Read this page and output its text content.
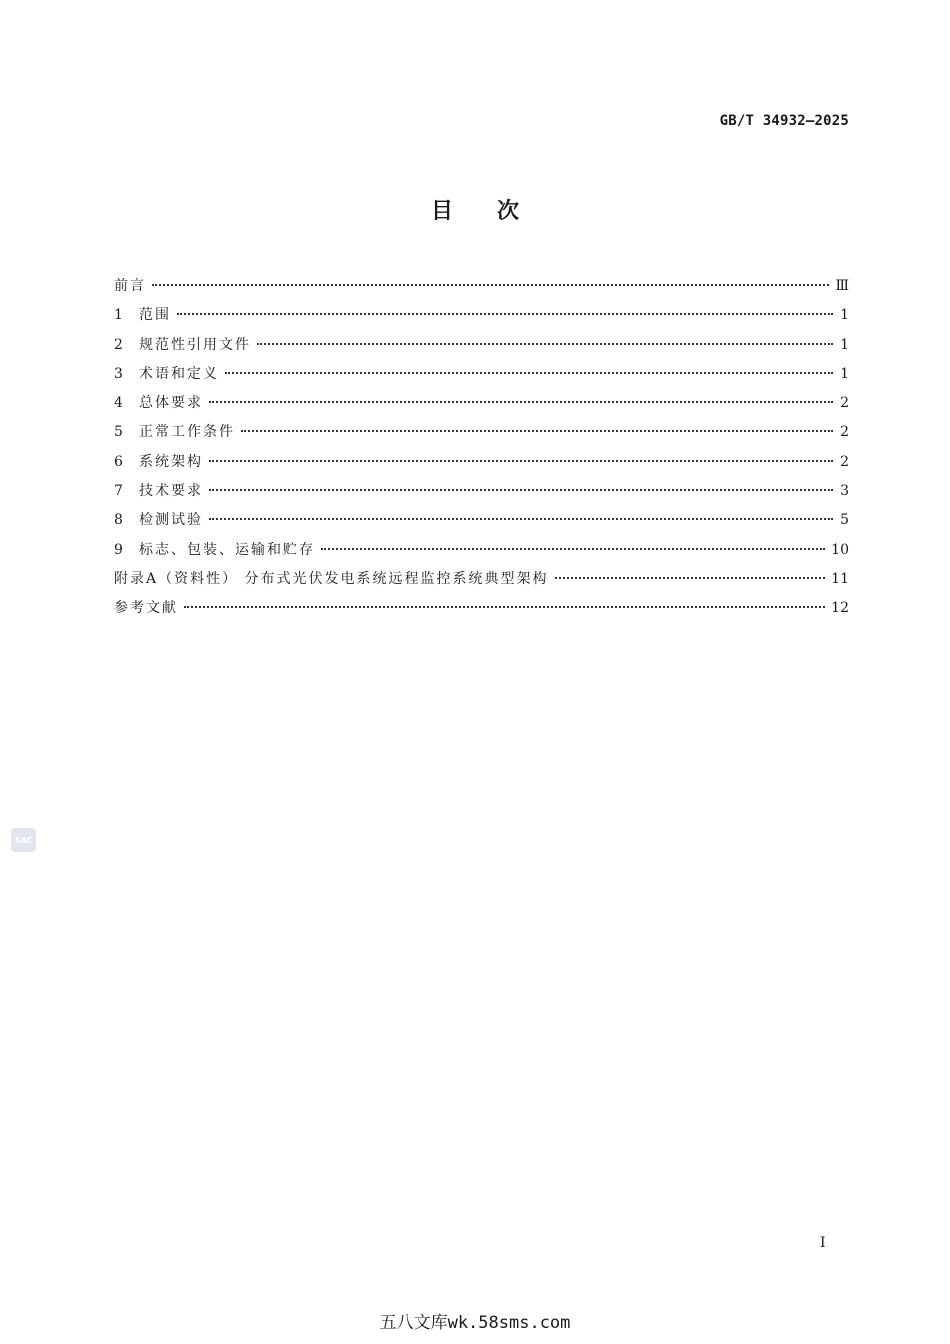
GB/T 34932—2025
目次
前言	Ⅲ
1	范围	1
2	规范性引用文件	1
3	术语和定义	1
4	总体要求	2
5	正常工作条件	2
6	系统架构	2
7	技术要求	3
8	检测试验	5
9	标志、包装、运输和贮存	10
附录A（资料性） 分布式光伏发电系统远程监控系统典型架构	11
参考文献	12
SAC
I
五八文库wk.58sms.com
